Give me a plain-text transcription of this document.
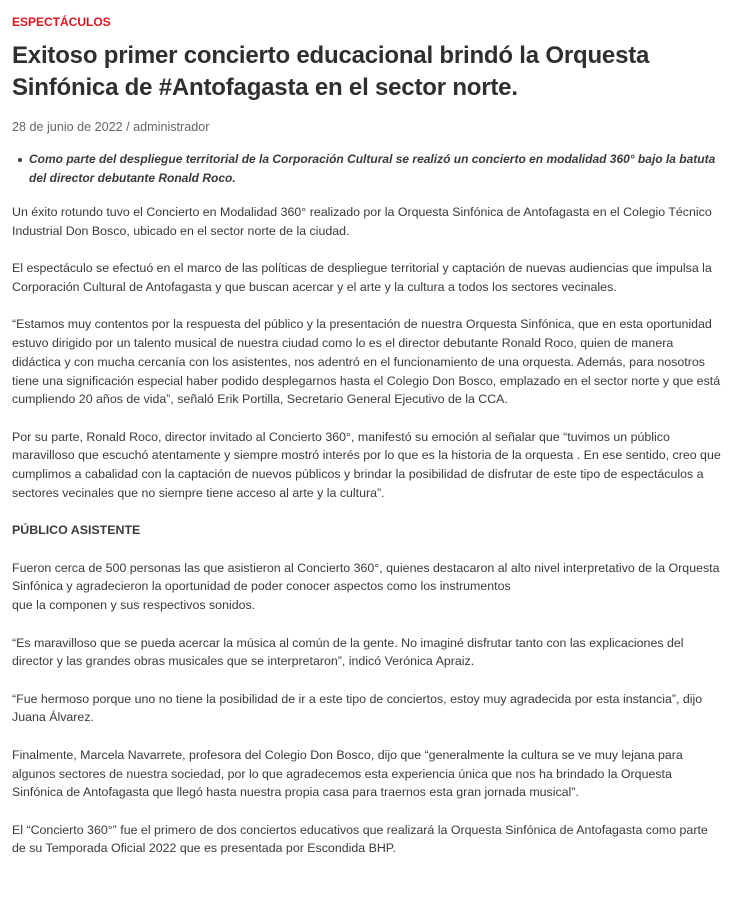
ESPECTÁCULOS
Exitoso primer concierto educacional brindó la Orquesta Sinfónica de #Antofagasta en el sector norte.
28 de junio de 2022 / administrador
Como parte del despliegue territorial de la Corporación Cultural se realizó un concierto en modalidad 360° bajo la batuta del director debutante Ronald Roco.

Un éxito rotundo tuvo el Concierto en Modalidad 360° realizado por la Orquesta Sinfónica de Antofagasta en el Colegio Técnico Industrial Don Bosco, ubicado en el sector norte de la ciudad.

El espectáculo se efectuó en el marco de las políticas de despliegue territorial y captación de nuevas audiencias que impulsa la Corporación Cultural de Antofagasta y que buscan acercar y el arte y la cultura a todos los sectores vecinales.

“Estamos muy contentos por la respuesta del público y la presentación de nuestra Orquesta Sinfónica, que en esta oportunidad estuvo dirigido por un talento musical de nuestra ciudad como lo es el director debutante Ronald Roco, quien de manera didáctica y con mucha cercanía con los asistentes, nos adentró en el funcionamiento de una orquesta. Además, para nosotros tiene una significación especial haber podido desplegarnos hasta el Colegio Don Bosco, emplazado en el sector norte y que está cumpliendo 20 años de vida”, señaló Erik Portilla, Secretario General Ejecutivo de la CCA.

Por su parte, Ronald Roco, director invitado al Concierto 360°, manifestó su emoción al señalar que “tuvimos un público maravilloso que escuchó atentamente y siempre mostró interés por lo que es la historia de la orquesta . En ese sentido, creo que cumplimos a cabalidad con la captación de nuevos públicos y brindar la posibilidad de disfrutar de este tipo de espectáculos a sectores vecinales que no siempre tiene acceso al arte y la cultura”.

PÚBLICO ASISTENTE

Fueron cerca de 500 personas las que asistieron al Concierto 360°, quienes destacaron al alto nivel interpretativo de la Orquesta Sinfónica y agradecieron la oportunidad de poder conocer aspectos como los instrumentos
que la componen y sus respectivos sonidos.

“Es maravilloso que se pueda acercar la música al común de la gente. No imaginé disfrutar tanto con las explicaciones del director y las grandes obras musicales que se interpretaron”, indicó Verónica Apraiz.

“Fue hermoso porque uno no tiene la posibilidad de ir a este tipo de conciertos, estoy muy agradecida por esta instancia”, dijo Juana Álvarez.

Finalmente, Marcela Navarrete, profesora del Colegio Don Bosco, dijo que “generalmente la cultura se ve muy lejana para algunos sectores de nuestra sociedad, por lo que agradecemos esta experiencia única que nos ha brindado la Orquesta Sinfónica de Antofagasta que llegó hasta nuestra propia casa para traernos esta gran jornada musical”.

El “Concierto 360°” fue el primero de dos conciertos educativos que realizará la Orquesta Sinfónica de Antofagasta como parte de su Temporada Oficial 2022 que es presentada por Escondida BHP.
